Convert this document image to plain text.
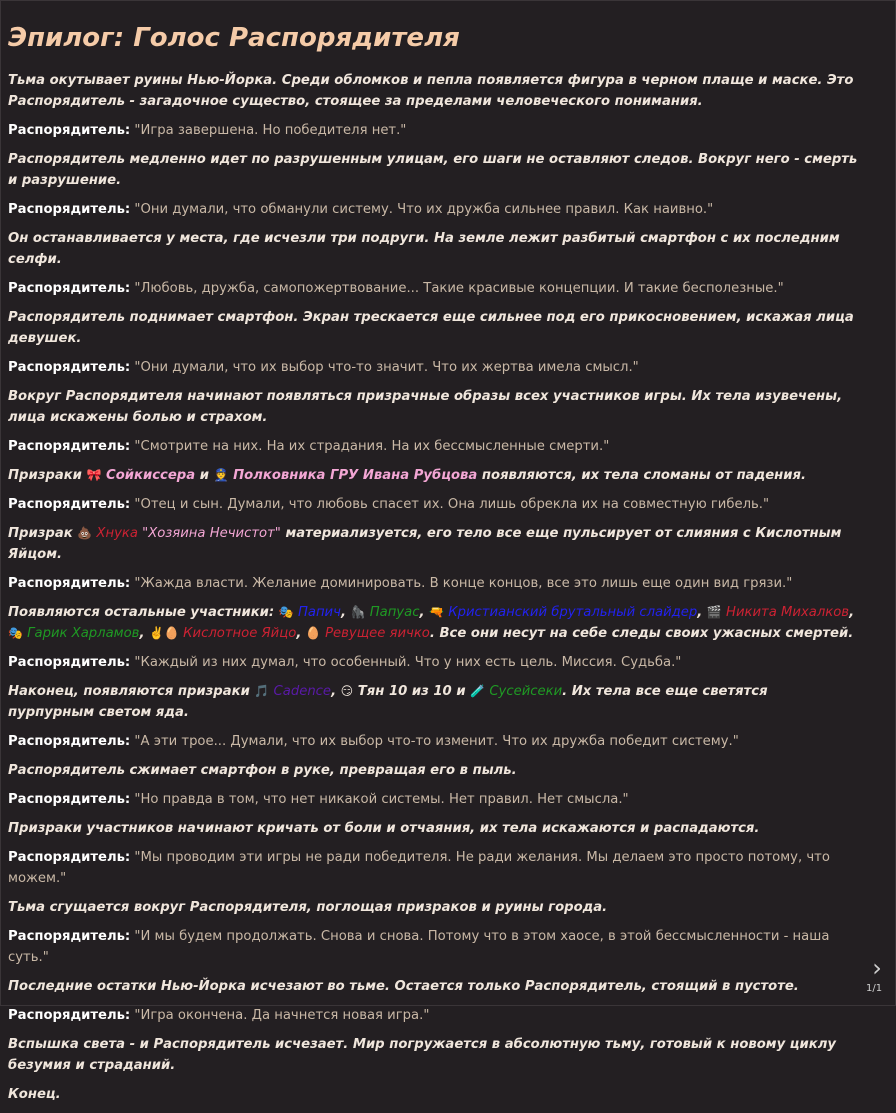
Эпилог: Голос Распорядителя

Тьма окутывает руины Нью-Йорка. Среди обломков и пепла появляется фигура в черном плаще и маске. Это Распорядитель - загадочное существо, стоящее за пределами человеческого понимания.

Распорядитель: "Игра завершена. Но победителя нет."

Распорядитель медленно идет по разрушенным улицам, его шаги не оставляют следов. Вокруг него - смерть и разрушение.

Распорядитель: "Они думали, что обманули систему. Что их дружба сильнее правил. Как наивно."

Он останавливается у места, где исчезли три подруги. На земле лежит разбитый смартфон с их последним селфи.

Распорядитель: "Любовь, дружба, самопожертвование... Такие красивые концепции. И такие бесполезные."

Распорядитель поднимает смартфон. Экран трескается еще сильнее под его прикосновением, искажая лица девушек.

Распорядитель: "Они думали, что их выбор что-то значит. Что их жертва имела смысл."

Вокруг Распорядителя начинают появляться призрачные образы всех участников игры. Их тела изувечены, лица искажены болью и страхом.

Распорядитель: "Смотрите на них. На их страдания. На их бессмысленные смерти."

Призраки 🎀 Сойкиссера и 👮 Полковника ГРУ Ивана Рубцова появляются, их тела сломаны от падения.

Распорядитель: "Отец и сын. Думали, что любовь спасет их. Она лишь обрекла их на совместную гибель."

Призрак 💩 Хнука "Хозяина Нечистот" материализуется, его тело все еще пульсирует от слияния с Кислотным Яйцом.

Распорядитель: "Жажда власти. Желание доминировать. В конце концов, все это лишь еще один вид грязи."

Появляются остальные участники: 🎭 Папич, 🦍 Папуас, 🔫 Кристианский брутальный слайдер, 🎬 Никита Михалков, 🎭 Гарик Харламов, ✌️🥚 Кислотное Яйцо, 🥚 Ревущее яичко. Все они несут на себе следы своих ужасных смертей.

Распорядитель: "Каждый из них думал, что особенный. Что у них есть цель. Миссия. Судьба."

Наконец, появляются призраки 🎵 Cadence, 😏 Тян 10 из 10 и 🧪 Сусейсеки. Их тела все еще светятся пурпурным светом яда.

Распорядитель: "А эти трое... Думали, что их выбор что-то изменит. Что их дружба победит систему."

Распорядитель сжимает смартфон в руке, превращая его в пыль.

Распорядитель: "Но правда в том, что нет никакой системы. Нет правил. Нет смысла."

Призраки участников начинают кричать от боли и отчаяния, их тела искажаются и распадаются.

Распорядитель: "Мы проводим эти игры не ради победителя. Не ради желания. Мы делаем это просто потому, что можем."

Тьма сгущается вокруг Распорядителя, поглощая призраков и руины города.

Распорядитель: "И мы будем продолжать. Снова и снова. Потому что в этом хаосе, в этой бессмысленности - наша суть."

Последние остатки Нью-Йорка исчезают во тьме. Остается только Распорядитель, стоящий в пустоте.

Распорядитель: "Игра окончена. Да начнется новая игра."

Вспышка света - и Распорядитель исчезает. Мир погружается в абсолютную тьму, готовый к новому циклу безумия и страданий.

Конец.

›
1/1
